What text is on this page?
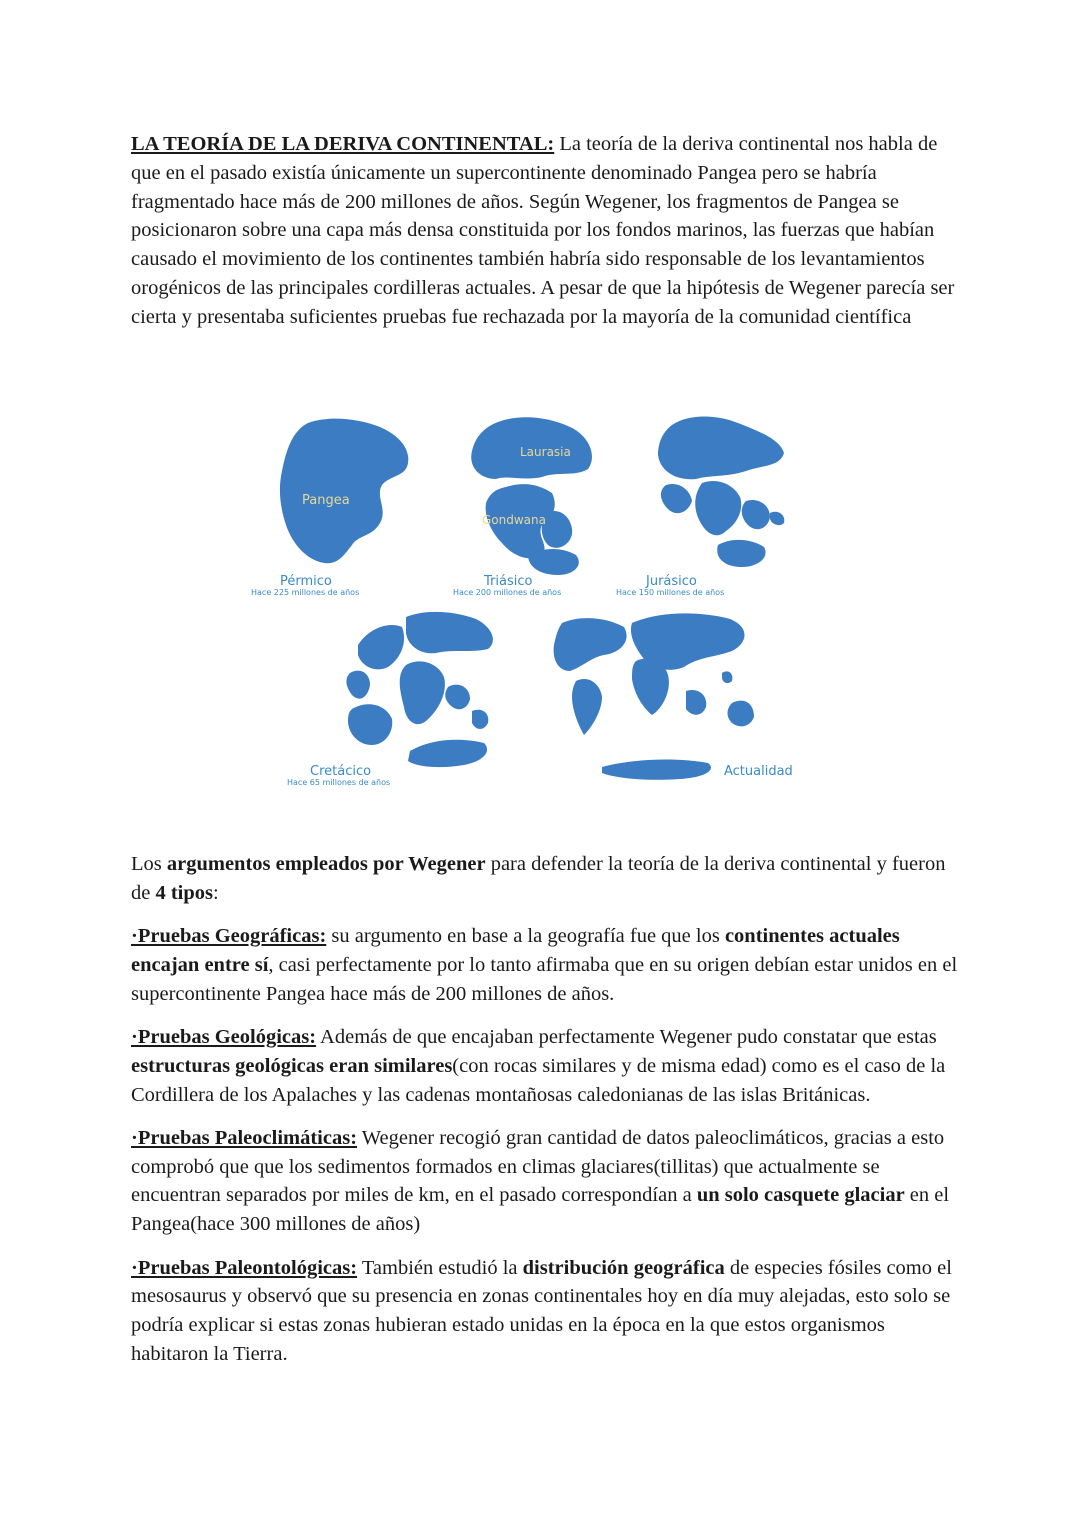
LA TEORÍA DE LA DERIVA CONTINENTAL: La teoría de la deriva continental nos habla de que en el pasado existía únicamente un supercontinente denominado Pangea pero se habría fragmentado hace más de 200 millones de años. Según Wegener, los fragmentos de Pangea se posicionaron sobre una capa más densa constituida por los fondos marinos, las fuerzas que habían causado el movimiento de los continentes también habría sido responsable de los levantamientos orogénicos de las principales cordilleras actuales. A pesar de que la hipótesis de Wegener parecía ser cierta y presentaba suficientes pruebas fue rechazada por la mayoría de la comunidad científica

Pangea
Laurasia
Gondwana
Pérmico
Hace 225 millones de años
Triásico
Hace 200 millones de años
Jurásico
Hace 150 millones de años
Cretácico
Hace 65 millones de años
Actualidad

Los argumentos empleados por Wegener para defender la teoría de la deriva continental y fueron de 4 tipos:

·Pruebas Geográficas: su argumento en base a la geografía fue que los continentes actuales encajan entre sí, casi perfectamente por lo tanto afirmaba que en su origen debían estar unidos en el supercontinente Pangea hace más de 200 millones de años.

·Pruebas Geológicas: Además de que encajaban perfectamente Wegener pudo constatar que estas estructuras geológicas eran similares(con rocas similares y de misma edad) como es el caso de la Cordillera de los Apalaches y las cadenas montañosas caledonianas de las islas Británicas.

·Pruebas Paleoclimáticas: Wegener recogió gran cantidad de datos paleoclimáticos, gracias a esto comprobó que que los sedimentos formados en climas glaciares(tillitas) que actualmente se encuentran separados por miles de km, en el pasado correspondían a un solo casquete glaciar en el Pangea(hace 300 millones de años)

·Pruebas Paleontológicas: También estudió la distribución geográfica de especies fósiles como el mesosaurus y observó que su presencia en zonas continentales hoy en día muy alejadas, esto solo se podría explicar si estas zonas hubieran estado unidas en la época en la que estos organismos habitaron la Tierra.
